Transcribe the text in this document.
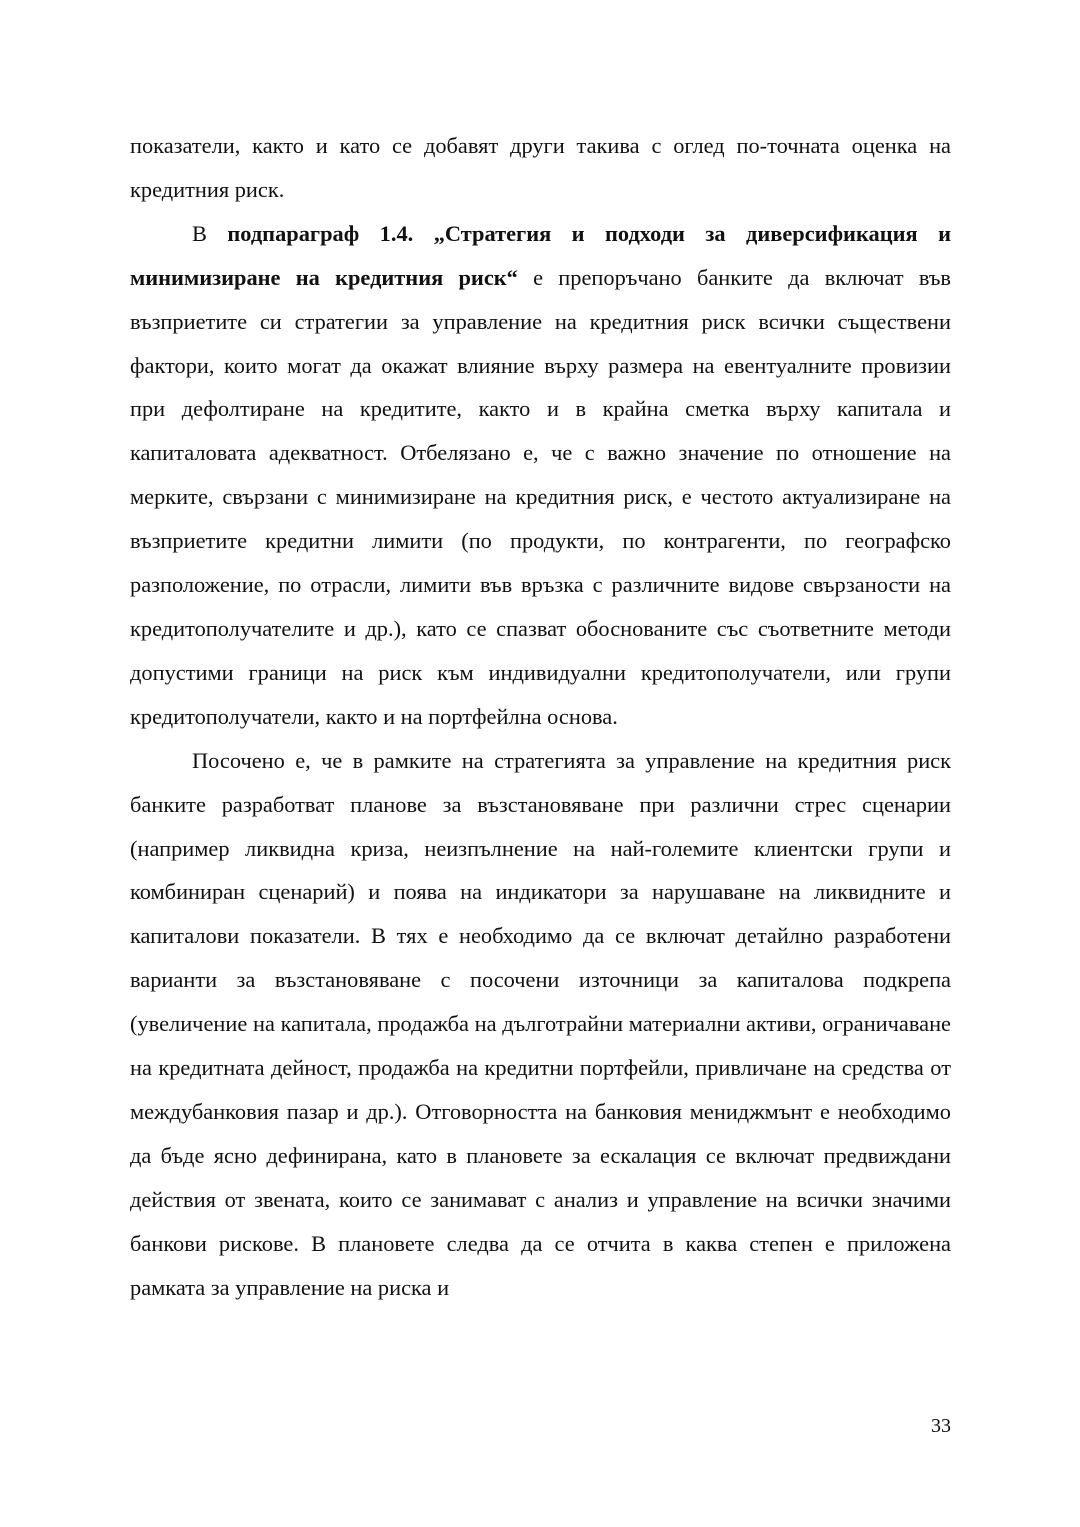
показатели, както и като се добавят други такива с оглед по-точната оценка на кредитния риск.

В подпараграф 1.4. „Стратегия и подходи за диверсификация и минимизиране на кредитния риск“ е препоръчано банките да включат във възприетите си стратегии за управление на кредитния риск всички съществени фактори, които могат да окажат влияние върху размера на евентуалните провизии при дефолтиране на кредитите, както и в крайна сметка върху капитала и капиталовата адекватност. Отбелязано е, че с важно значение по отношение на мерките, свързани с минимизиране на кредитния риск, е честото актуализиране на възприетите кредитни лимити (по продукти, по контрагенти, по географско разположение, по отрасли, лимити във връзка с различните видове свързаности на кредитополучателите и др.), като се спазват обоснованите със съответните методи допустими граници на риск към индивидуални кредитополучатели, или групи кредитополучатели, както и на портфейлна основа.

Посочено е, че в рамките на стратегията за управление на кредитния риск банките разработват планове за възстановяване при различни стрес сценарии (например ликвидна криза, неизпълнение на най-големите клиентски групи и комбиниран сценарий) и поява на индикатори за нарушаване на ликвидните и капиталови показатели. В тях е необходимо да се включат детайлно разработени варианти за възстановяване с посочени източници за капиталова подкрепа (увеличение на капитала, продажба на дълготрайни материални активи, ограничаване на кредитната дейност, продажба на кредитни портфейли, привличане на средства от междубанковия пазар и др.). Отговорността на банковия мениджмънт е необходимо да бъде ясно дефинирана, като в плановете за ескалация се включат предвиждани действия от звената, които се занимават с анализ и управление на всички значими банкови рискове. В плановете следва да се отчита в каква степен е приложена рамката за управление на риска и

33
